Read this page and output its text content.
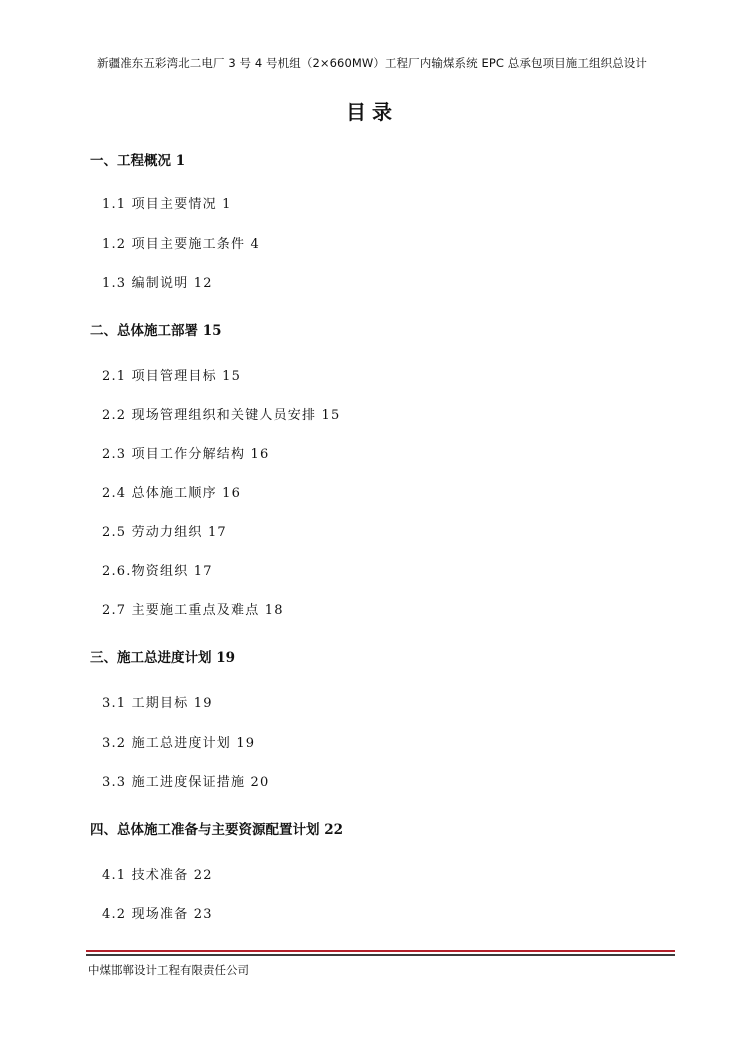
新疆准东五彩湾北二电厂 3 号 4 号机组（2×660MW）工程厂内输煤系统 EPC 总承包项目施工组织总设计
目录
一、工程概况 1
1.1 项目主要情况 1
1.2 项目主要施工条件 4
1.3 编制说明 12
二、总体施工部署 15
2.1 项目管理目标 15
2.2 现场管理组织和关键人员安排 15
2.3 项目工作分解结构 16
2.4 总体施工顺序 16
2.5 劳动力组织 17
2.6.物资组织 17
2.7 主要施工重点及难点 18
三、施工总进度计划 19
3.1 工期目标 19
3.2 施工总进度计划 19
3.3 施工进度保证措施 20
四、总体施工准备与主要资源配置计划 22
4.1 技术准备 22
4.2 现场准备 23
中煤邯郸设计工程有限责任公司
